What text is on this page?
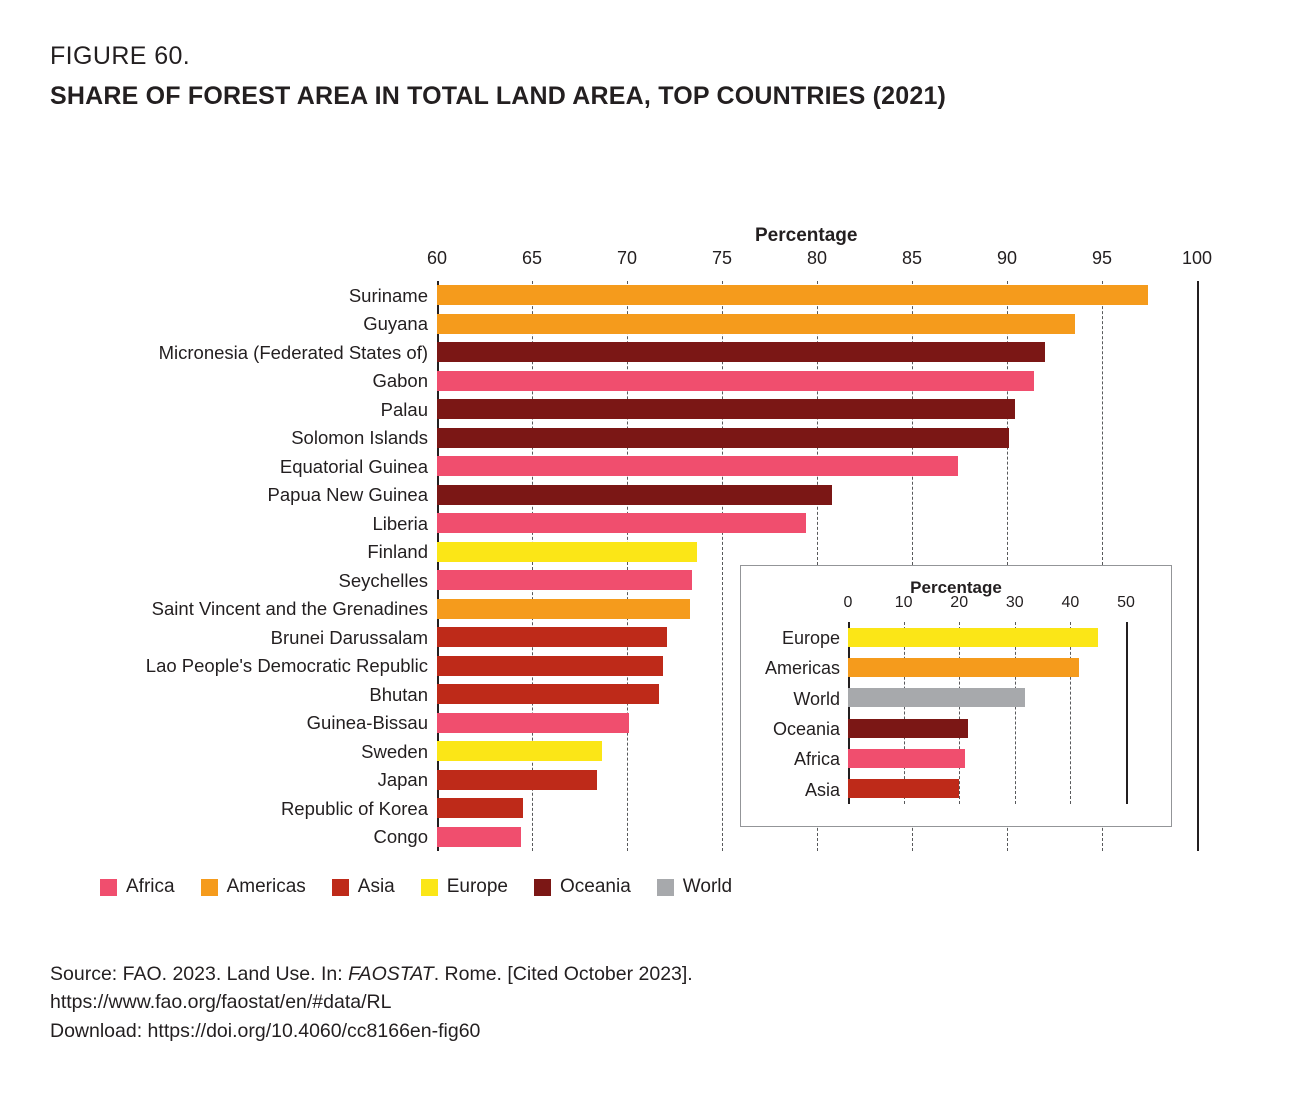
FIGURE 60.
SHARE OF FOREST AREA IN TOTAL LAND AREA, TOP COUNTRIES (2021)
Percentage
60	65	70	75	80	85	90	95	100
Suriname
Guyana
Micronesia (Federated States of)
Gabon
Palau
Solomon Islands
Equatorial Guinea
Papua New Guinea
Liberia
Finland
Seychelles
Saint Vincent and the Grenadines
Brunei Darussalam
Lao People's Democratic Republic
Bhutan
Guinea-Bissau
Sweden
Japan
Republic of Korea
Congo
Percentage
0	10 20 30 40 50
Europe
Americas
World
Oceania
Africa
Asia
Africa	Americas	Asia	Europe	Oceania	World
Source: FAO. 2023. Land Use. In: FAOSTAT. Rome. [Cited October 2023].
https://www.fao.org/faostat/en/#data/RL
Download: https://doi.org/10.4060/cc8166en-fig60
